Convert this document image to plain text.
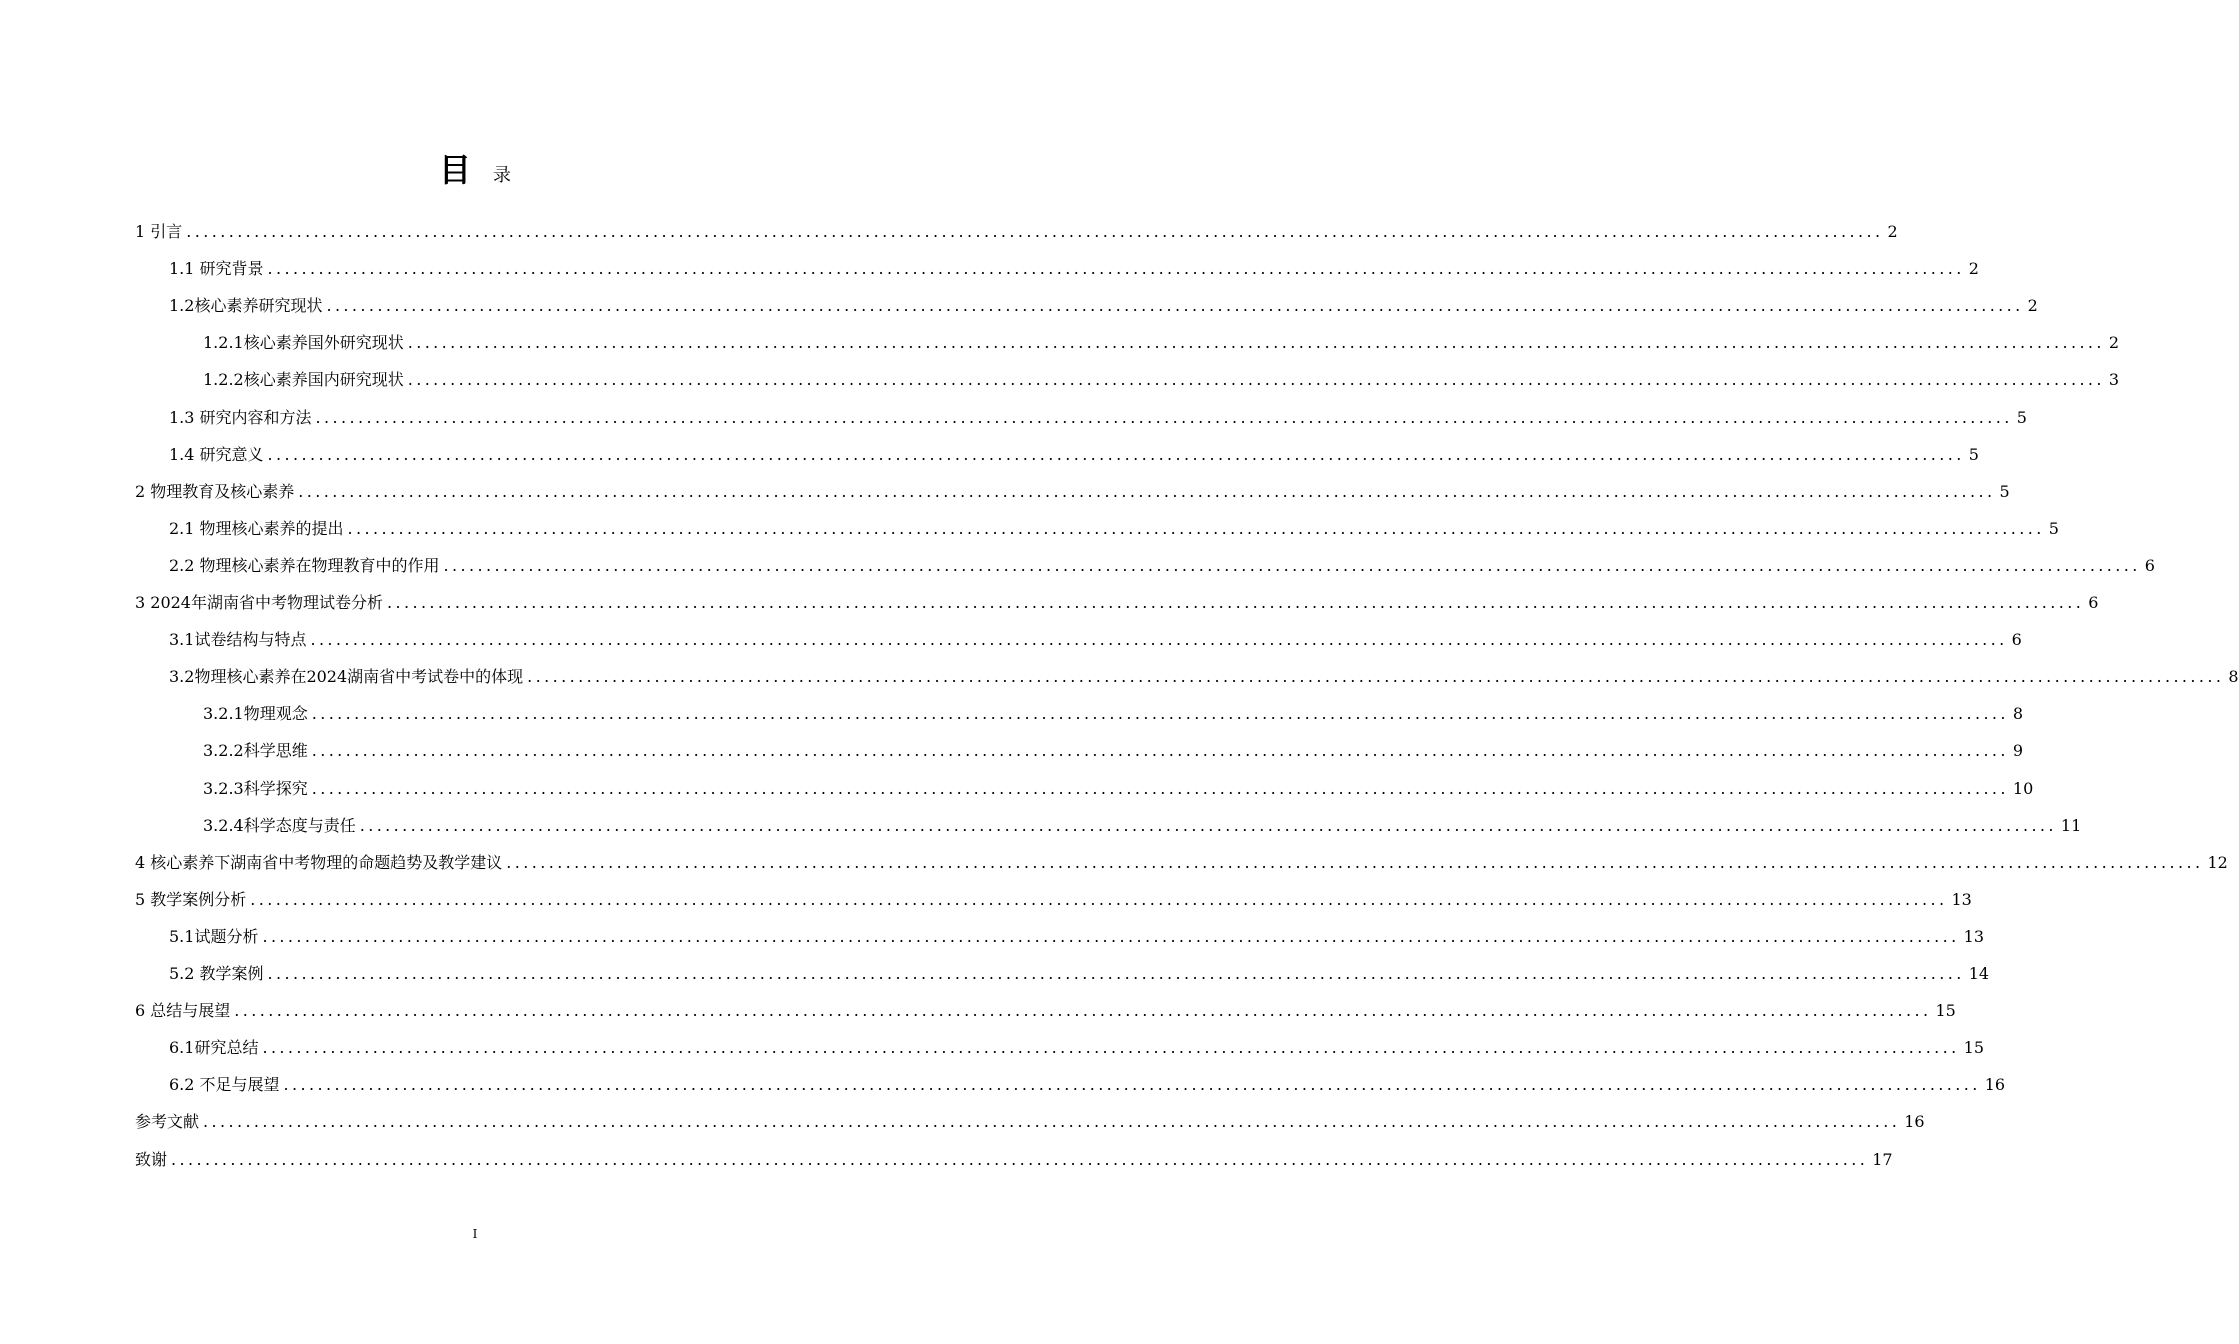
目 录
1 引言 ........................................................................................................................................................................................................ 2
1.1 研究背景 ........................................................................................................................................................................................................ 2
1.2核心素养研究现状 ........................................................................................................................................................................................................ 2
1.2.1核心素养国外研究现状 ........................................................................................................................................................................................................ 2
1.2.2核心素养国内研究现状 ........................................................................................................................................................................................................ 3
1.3 研究内容和方法 ........................................................................................................................................................................................................ 5
1.4 研究意义 ........................................................................................................................................................................................................ 5
2 物理教育及核心素养 ........................................................................................................................................................................................................ 5
2.1 物理核心素养的提出 ........................................................................................................................................................................................................ 5
2.2 物理核心素养在物理教育中的作用 ........................................................................................................................................................................................................ 6
3 2024年湖南省中考物理试卷分析 ........................................................................................................................................................................................................ 6
3.1试卷结构与特点 ........................................................................................................................................................................................................ 6
3.2物理核心素养在2024湖南省中考试卷中的体现 ........................................................................................................................................................................................................ 8
3.2.1物理观念 ........................................................................................................................................................................................................ 8
3.2.2科学思维 ........................................................................................................................................................................................................ 9
3.2.3科学探究 ........................................................................................................................................................................................................ 10
3.2.4科学态度与责任 ........................................................................................................................................................................................................ 11
4 核心素养下湖南省中考物理的命题趋势及教学建议 ........................................................................................................................................................................................................ 12
5 教学案例分析 ........................................................................................................................................................................................................ 13
5.1试题分析 ........................................................................................................................................................................................................ 13
5.2 教学案例 ........................................................................................................................................................................................................ 14
6 总结与展望 ........................................................................................................................................................................................................ 15
6.1研究总结 ........................................................................................................................................................................................................ 15
6.2 不足与展望 ........................................................................................................................................................................................................ 16
参考文献 ........................................................................................................................................................................................................ 16
致谢 ........................................................................................................................................................................................................ 17
I
